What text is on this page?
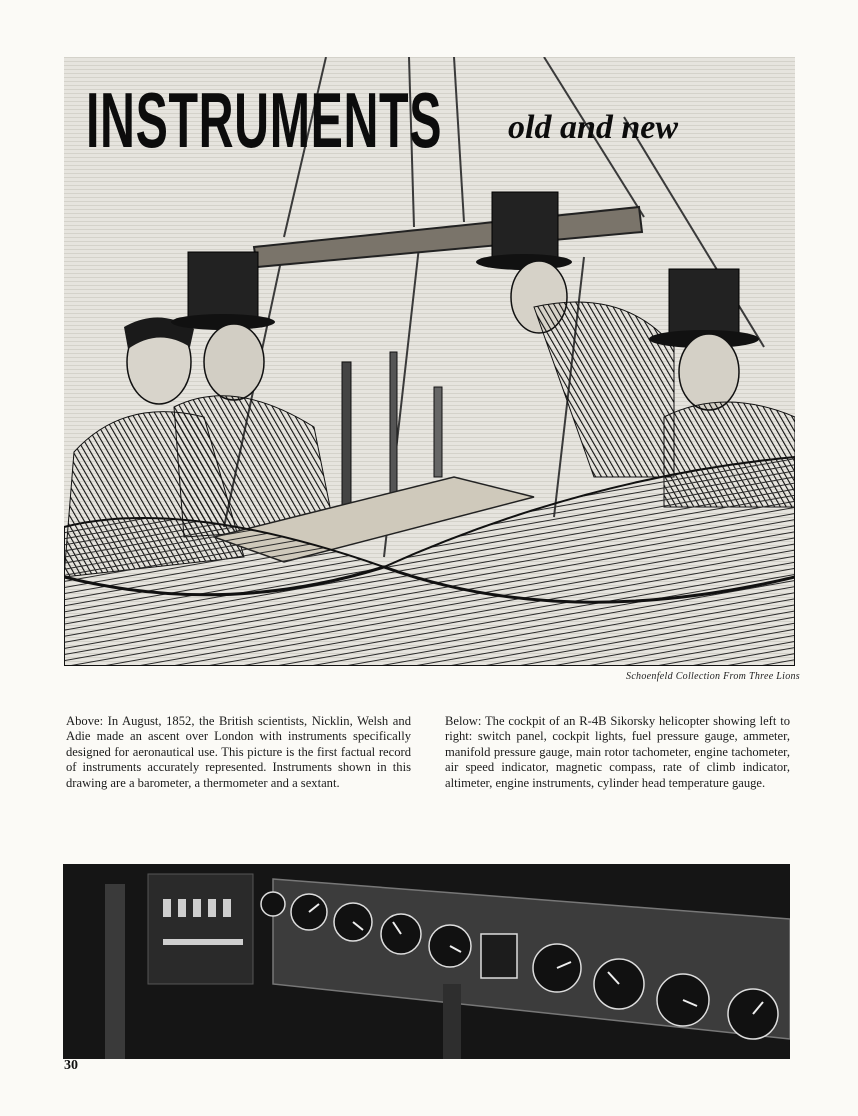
INSTRUMENTS old and new
Schoenfeld Collection From Three Lions
Above: In August, 1852, the British scientists, Nicklin, Welsh and Adie made an ascent over London with instruments specifically designed for aeronautical use. This picture is the first factual record of instruments accurately represented. Instruments shown in this drawing are a barometer, a thermometer and a sextant.
Below: The cockpit of an R-4B Sikorsky helicopter showing left to right: switch panel, cockpit lights, fuel pressure gauge, ammeter, manifold pressure gauge, main rotor tachometer, engine tachometer, air speed indicator, magnetic compass, rate of climb indicator, altimeter, engine instruments, cylinder head temperature gauge.
30
